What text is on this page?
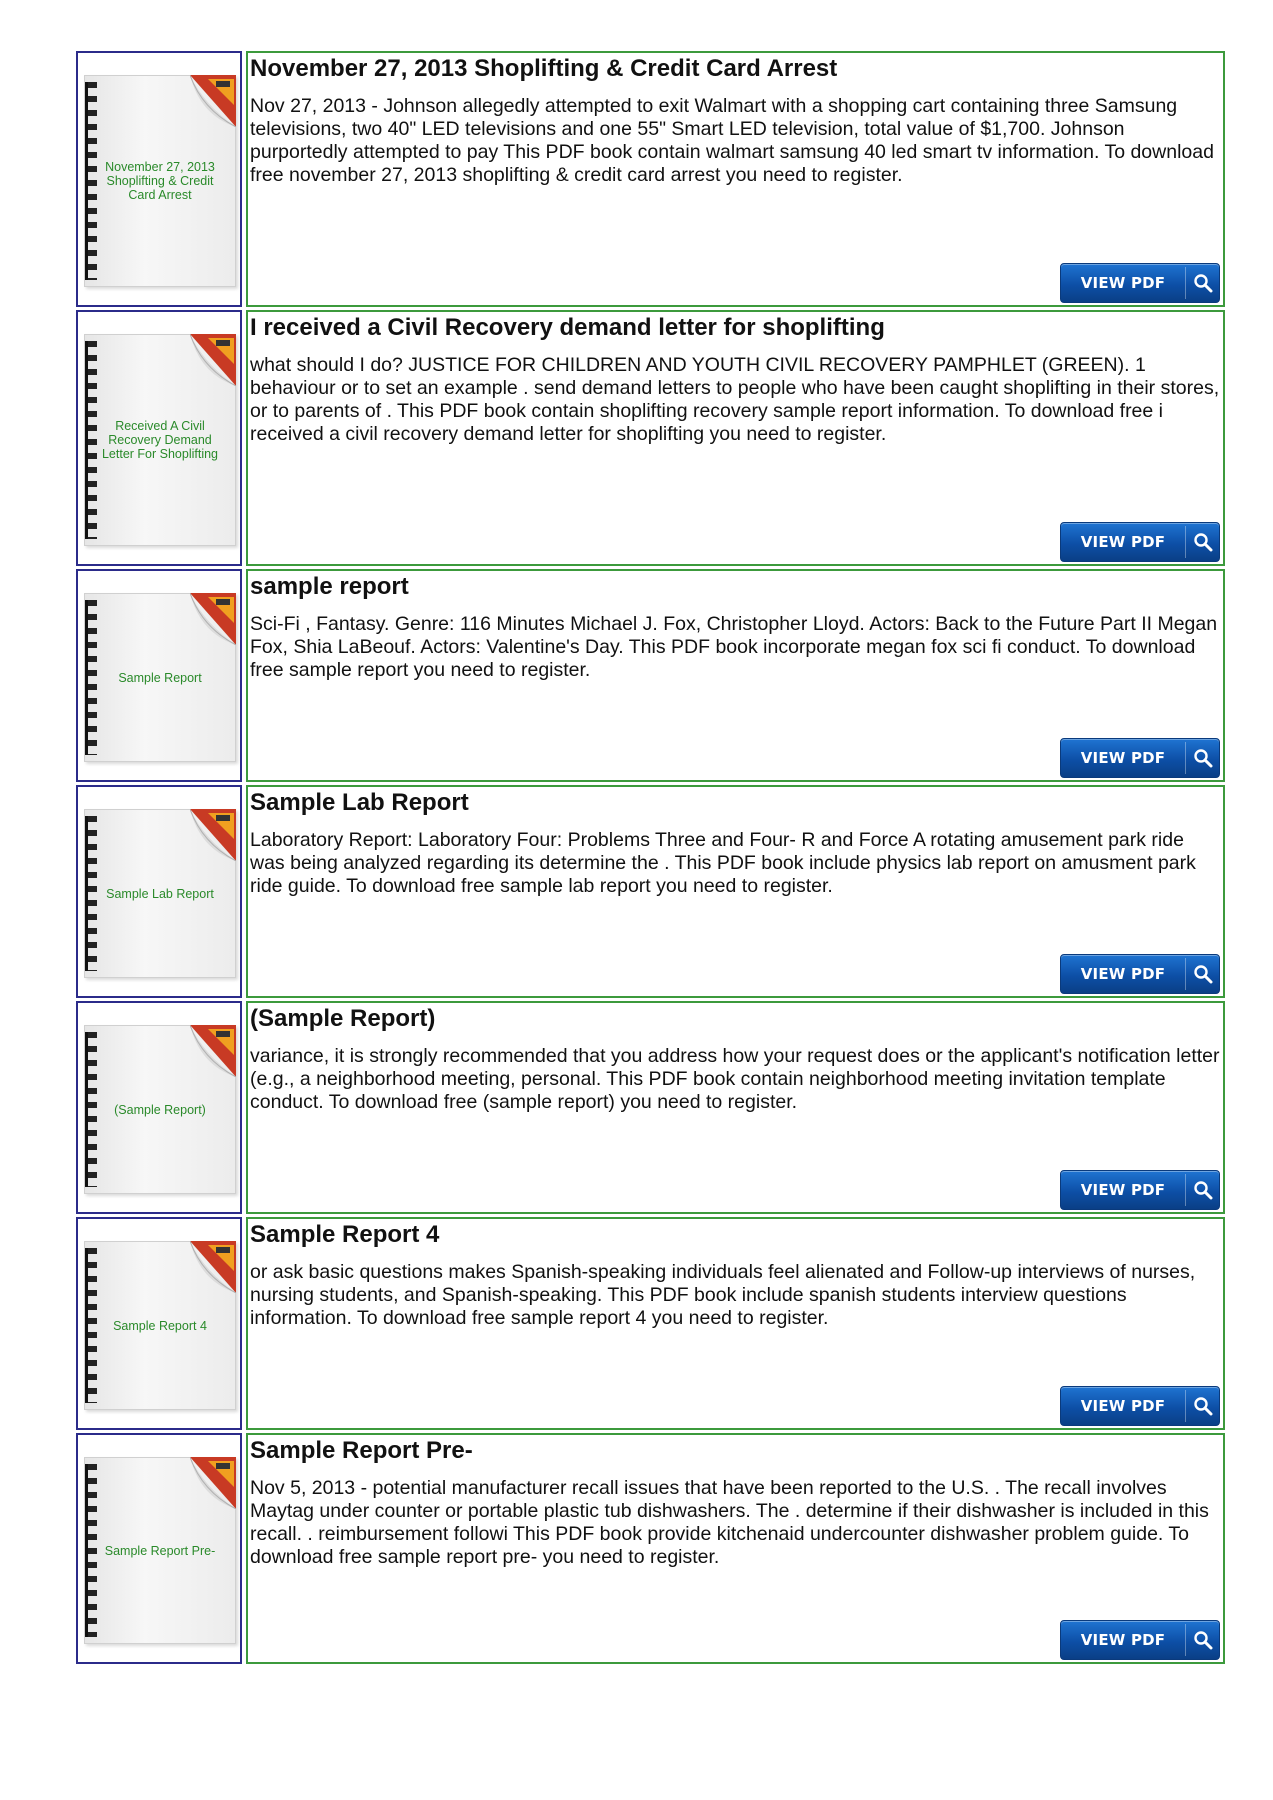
November 27, 2013 Shoplifting & Credit Card Arrest
November 27, 2013 Shoplifting & Credit Card Arrest

Nov 27, 2013 - Johnson allegedly attempted to exit Walmart with a shopping cart containing three Samsung televisions, two 40" LED televisions and one 55" Smart LED television, total value of $1,700. Johnson purportedly attempted to pay This PDF book contain walmart samsung 40 led smart tv information. To download free november 27, 2013 shoplifting & credit card arrest you need to register.

VIEW PDF
Received A Civil Recovery Demand Letter For Shoplifting
I received a Civil Recovery demand letter for shoplifting

what should I do? JUSTICE FOR CHILDREN AND YOUTH CIVIL RECOVERY PAMPHLET (GREEN). 1 behaviour or to set an example . send demand letters to people who have been caught shoplifting in their stores, or to parents of . This PDF book contain shoplifting recovery sample report information. To download free i received a civil recovery demand letter for shoplifting you need to register.

VIEW PDF
Sample Report
sample report

Sci-Fi , Fantasy. Genre: 116 Minutes Michael J. Fox, Christopher Lloyd. Actors: Back to the Future Part II Megan Fox, Shia LaBeouf. Actors: Valentine's Day. This PDF book incorporate megan fox sci fi conduct. To download free sample report you need to register.

VIEW PDF
Sample Lab Report
Sample Lab Report

Laboratory Report: Laboratory Four: Problems Three and Four- R and Force A rotating amusement park ride was being analyzed regarding its determine the . This PDF book include physics lab report on amusment park ride guide. To download free sample lab report you need to register.

VIEW PDF
(Sample Report)
(Sample Report)

variance, it is strongly recommended that you address how your request does or the applicant's notification letter (e.g., a neighborhood meeting, personal. This PDF book contain neighborhood meeting invitation template conduct. To download free (sample report) you need to register.

VIEW PDF
Sample Report 4
Sample Report 4

or ask basic questions makes Spanish-speaking individuals feel alienated and Follow-up interviews of nurses, nursing students, and Spanish-speaking. This PDF book include spanish students interview questions information. To download free sample report 4 you need to register.

VIEW PDF
Sample Report Pre-
Sample Report Pre-

Nov 5, 2013 - potential manufacturer recall issues that have been reported to the U.S. . The recall involves Maytag under counter or portable plastic tub dishwashers. The . determine if their dishwasher is included in this recall. . reimbursement followi This PDF book provide kitchenaid undercounter dishwasher problem guide. To download free sample report pre- you need to register.

VIEW PDF
